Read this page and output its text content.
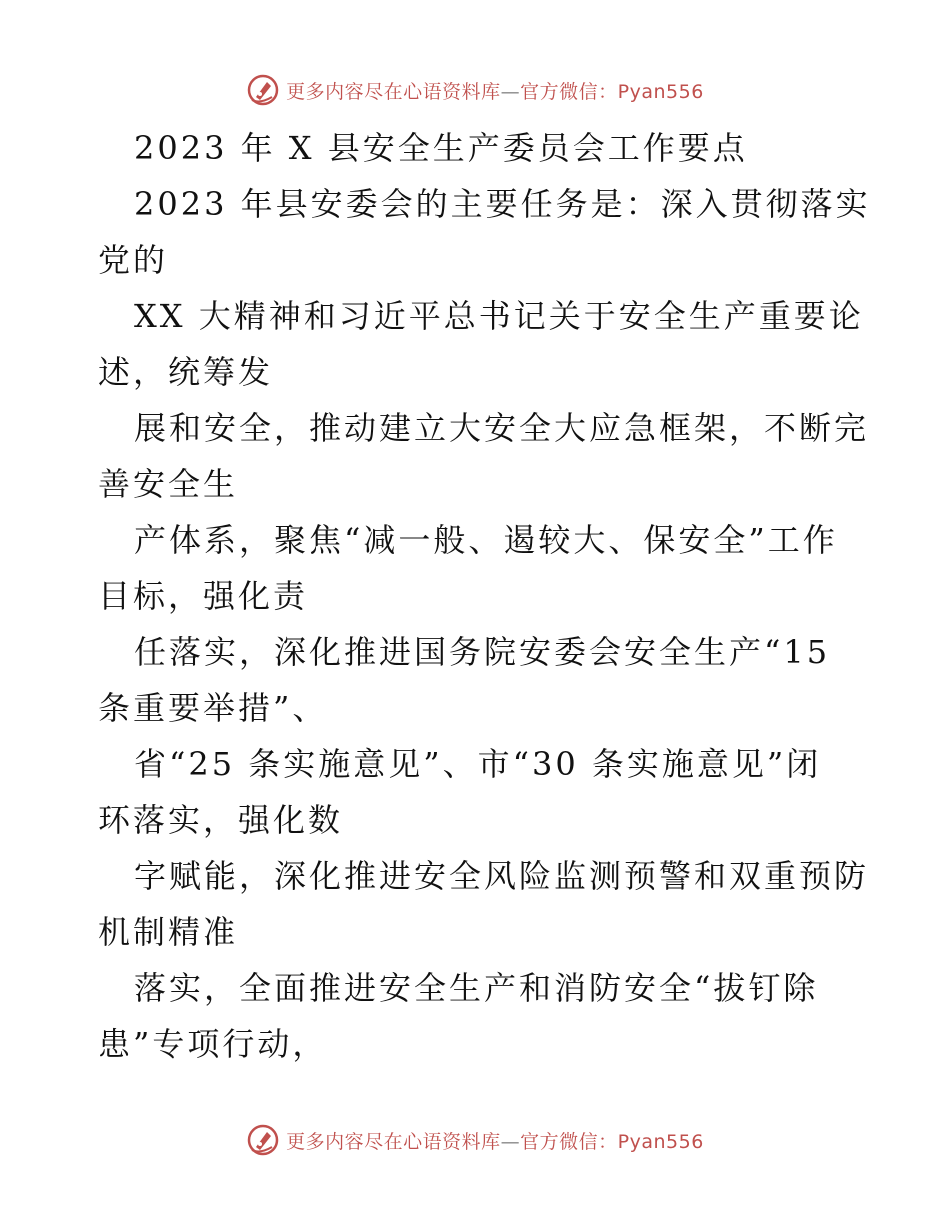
更多内容尽在心语资料库—官方微信：Pyan556
2023 年 X 县安全生产委员会工作要点
2023 年县安委会的主要任务是：深入贯彻落实
党的
XX 大精神和习近平总书记关于安全生产重要论
述，统筹发
展和安全，推动建立大安全大应急框架，不断完
善安全生
产体系，聚焦“减一般、遏较大、保安全”工作
目标，强化责
任落实，深化推进国务院安委会安全生产“15
条重要举措”、
省“25 条实施意见”、市“30 条实施意见”闭
环落实，强化数
字赋能，深化推进安全风险监测预警和双重预防
机制精准
落实，全面推进安全生产和消防安全“拔钉除
患”专项行动，
更多内容尽在心语资料库—官方微信：Pyan556
